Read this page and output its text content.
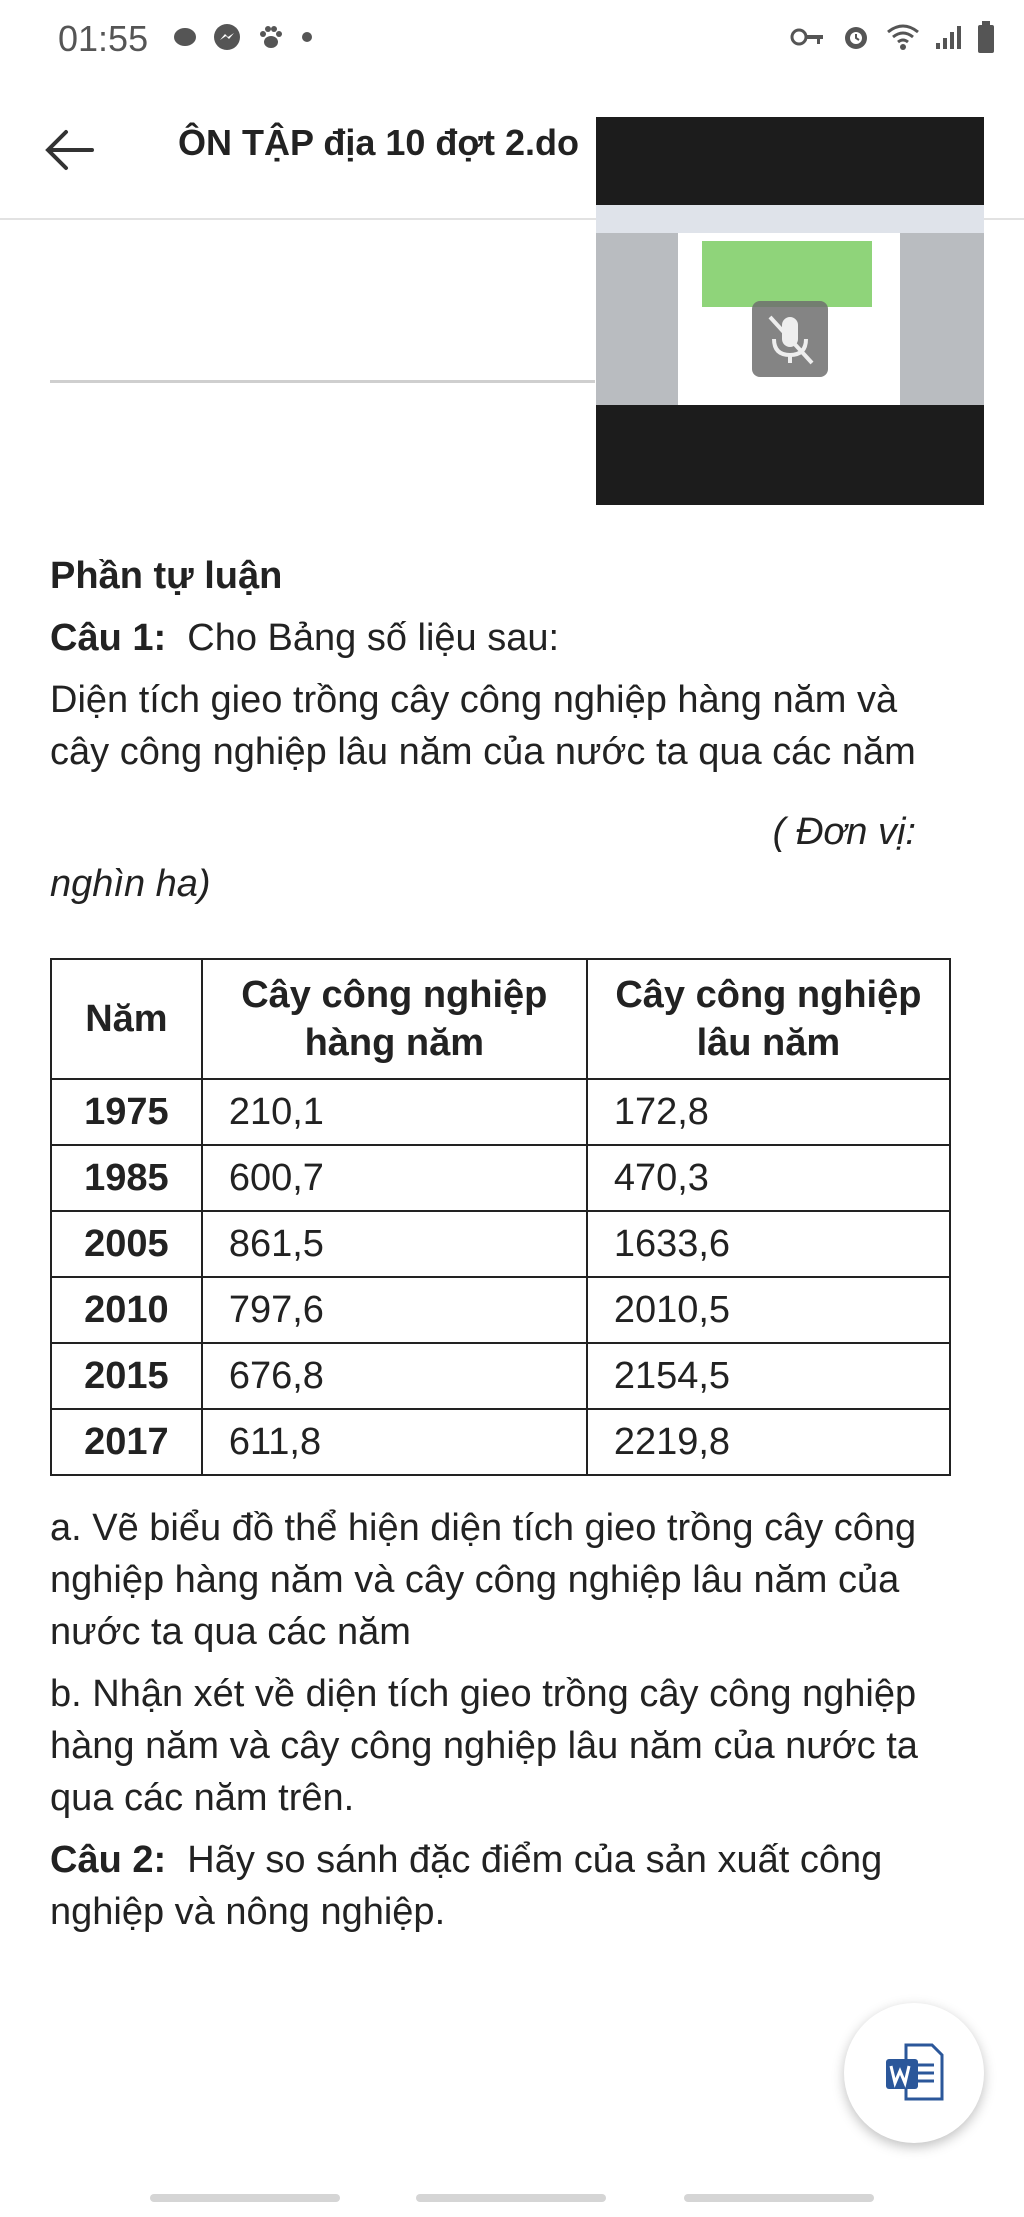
01:55
ÔN TẬP địa 10 đợt 2.do
Phần tự luận
Câu 1: Cho Bảng số liệu sau:
Diện tích gieo trồng cây công nghiệp hàng năm và cây công nghiệp lâu năm của nước ta qua các năm
( Đơn vị:
nghìn ha)
Năm	Cây công nghiệp hàng năm	Cây công nghiệp lâu năm
1975	210,1	172,8
1985	600,7	470,3
2005	861,5	1633,6
2010	797,6	2010,5
2015	676,8	2154,5
2017	611,8	2219,8

a. Vẽ biểu đồ thể hiện diện tích gieo trồng cây công nghiệp hàng năm và cây công nghiệp lâu năm của nước ta qua các năm

b. Nhận xét về diện tích gieo trồng cây công nghiệp hàng năm và cây công nghiệp lâu năm của nước ta qua các năm trên.

Câu 2: Hãy so sánh đặc điểm của sản xuất công nghiệp và nông nghiệp.
